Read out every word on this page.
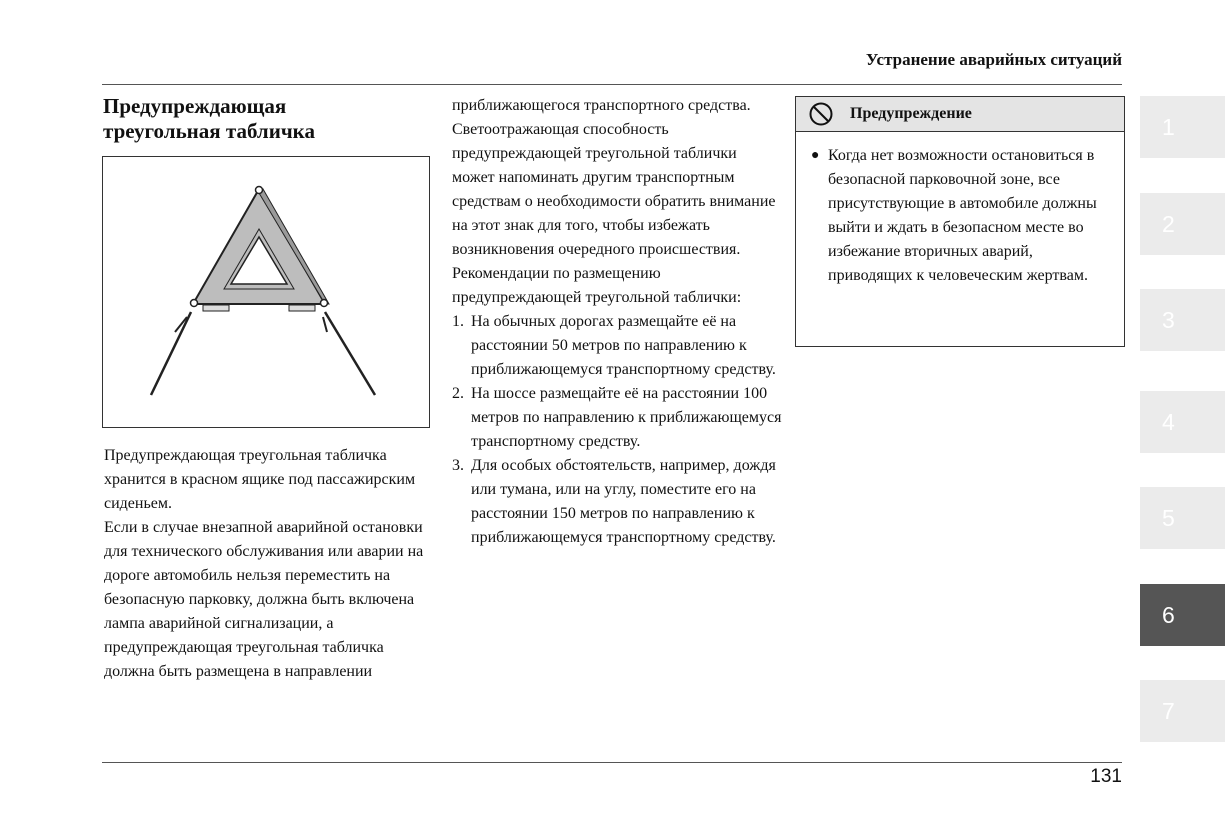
Устранение аварийных ситуаций
Предупреждающая
треугольная табличка

Предупреждающая треугольная табличка хранится в красном ящике под пассажирским сиденьем.

Если в случае внезапной аварийной остановки для технического обслуживания или аварии на дороге автомобиль нельзя переместить на безопасную парковку, должна быть включена лампа аварийной сигнализации, а предупреждающая треугольная табличка должна быть размещена в направлении

приближающегося транспортного средства.

Светоотражающая способность предупреждающей треугольной таблички может напоминать другим транспортным средствам о необходимости обратить внимание на этот знак для того, чтобы избежать возникновения очередного происшествия.

Рекомендации по размещению предупреждающей треугольной таблички:

1. На обычных дорогах размещайте её на расстоянии 50 метров по направлению к приближающемуся транспортному средству.
2. На шоссе размещайте её на расстоянии 100 метров по направлению к приближающемуся транспортному средству.
3. Для особых обстоятельств, например, дождя или тумана, или на углу, поместите его на расстоянии 150 метров по направлению к приближающемуся транспортному средству.
Предупреждение
● Когда нет возможности остановиться в безопасной парковочной зоне, все присутствующие в автомобиле должны выйти и ждать в безопасном месте во избежание вторичных аварий, приводящих к человеческим жертвам.
1
2
3
4
5
6
7
131
